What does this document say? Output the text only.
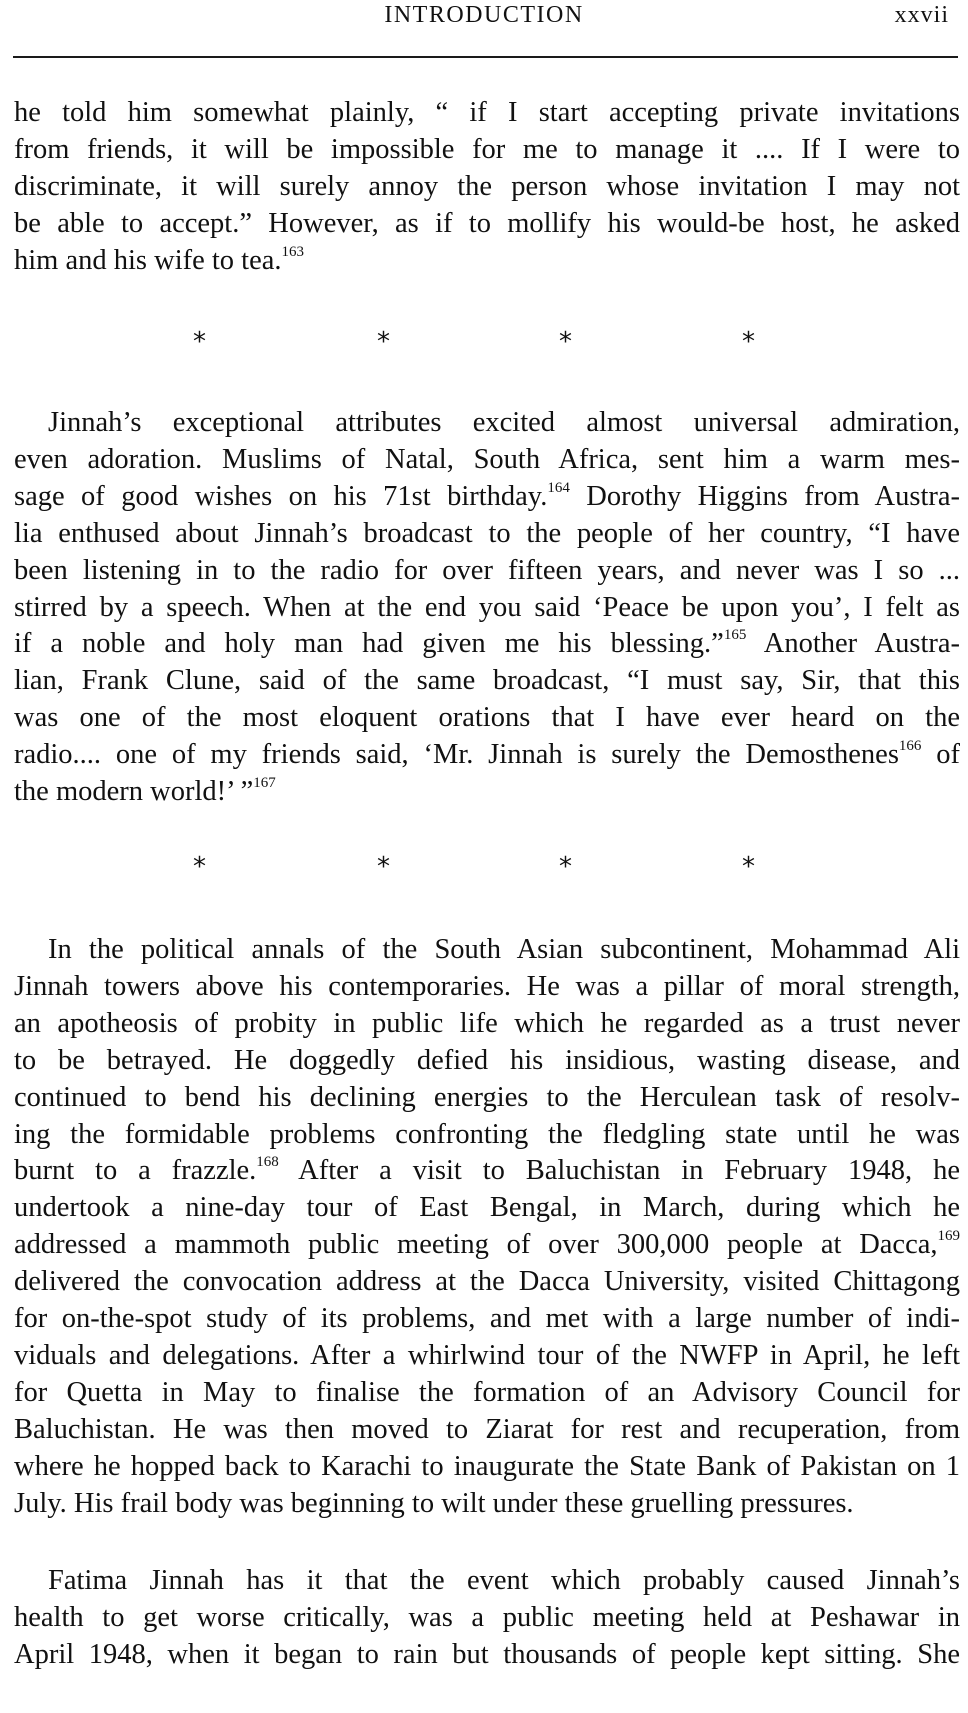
INTRODUCTION	xxvii

he told him somewhat plainly, “ if I start accepting private invitations
from friends, it will be impossible for me to manage it .... If I were to
discriminate, it will surely annoy the person whose invitation I may not
be able to accept.” However, as if to mollify his would-be host, he asked
him and his wife to tea.$^{163}$

*	*	*	*

Jinnah’s exceptional attributes excited almost universal admiration,
even adoration. Muslims of Natal, South Africa, sent him a warm mes-
sage of good wishes on his 71st birthday.$^{164}$ Dorothy Higgins from Austra-
lia enthused about Jinnah’s broadcast to the people of her country, “I have
been listening in to the radio for over fifteen years, and never was I so ...
stirred by a speech. When at the end you said ‘Peace be upon you’, I felt as
if a noble and holy man had given me his blessing.”$^{165}$ Another Austra-
lian, Frank Clune, said of the same broadcast, “I must say, Sir, that this
was one of the most eloquent orations that I have ever heard on the
radio.... one of my friends said, ‘Mr. Jinnah is surely the Demosthenes$^{166}$ of
the modern world!’ ”$^{167}$

*	*	*	*

In the political annals of the South Asian subcontinent, Mohammad Ali
Jinnah towers above his contemporaries. He was a pillar of moral strength,
an apotheosis of probity in public life which he regarded as a trust never
to be betrayed. He doggedly defied his insidious, wasting disease, and
continued to bend his declining energies to the Herculean task of resolv-
ing the formidable problems confronting the fledgling state until he was
burnt to a frazzle.$^{168}$ After a visit to Baluchistan in February 1948, he
undertook a nine-day tour of East Bengal, in March, during which he
addressed a mammoth public meeting of over 300,000 people at Dacca,$^{169}$
delivered the convocation address at the Dacca University, visited Chittagong
for on-the-spot study of its problems, and met with a large number of indi-
viduals and delegations. After a whirlwind tour of the NWFP in April, he left
for Quetta in May to finalise the formation of an Advisory Council for
Baluchistan. He was then moved to Ziarat for rest and recuperation, from
where he hopped back to Karachi to inaugurate the State Bank of Pakistan on 1
July. His frail body was beginning to wilt under these gruelling pressures.

Fatima Jinnah has it that the event which probably caused Jinnah’s
health to get worse critically, was a public meeting held at Peshawar in
April 1948, when it began to rain but thousands of people kept sitting. She
